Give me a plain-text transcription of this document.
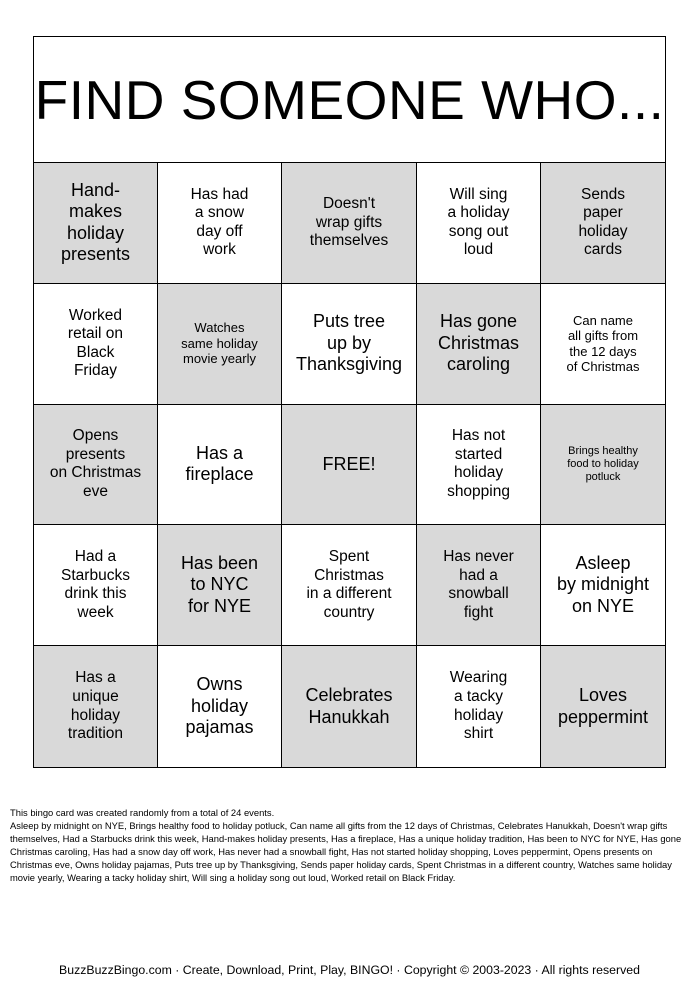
FIND SOMEONE WHO...
Hand-makes
holiday
presents
Has had
a snow
day off
work
Doesn't
wrap gifts
themselves
Will sing
a holiday
song out
loud
Sends
paper
holiday
cards
Worked
retail on
Black
Friday
Watches
same holiday
movie yearly
Puts tree
up by
Thanksgiving
Has gone
Christmas
caroling
Can name
all gifts from
the 12 days
of Christmas
Opens
presents
on Christmas
eve
Has a
fireplace
FREE!
Has not
started
holiday
shopping
Brings healthy
food to holiday
potluck
Had a
Starbucks
drink this
week
Has been
to NYC
for NYE
Spent
Christmas
in a different
country
Has never
had a
snowball
fight
Asleep
by midnight
on NYE
Has a
unique
holiday
tradition
Owns
holiday
pajamas
Celebrates
Hanukkah
Wearing
a tacky
holiday
shirt
Loves
peppermint

This bingo card was created randomly from a total of 24 events.

Asleep by midnight on NYE, Brings healthy food to holiday potluck, Can name all gifts from the 12 days of Christmas, Celebrates Hanukkah, Doesn't wrap gifts themselves, Had a Starbucks drink this week, Hand-makes holiday presents, Has a fireplace, Has a unique holiday tradition, Has been to NYC for NYE, Has gone Christmas caroling, Has had a snow day off work, Has never had a snowball fight, Has not started holiday shopping, Loves peppermint, Opens presents on Christmas eve, Owns holiday pajamas, Puts tree up by Thanksgiving, Sends paper holiday cards, Spent Christmas in a different country, Watches same holiday movie yearly, Wearing a tacky holiday shirt, Will sing a holiday song out loud, Worked retail on Black Friday.

BuzzBuzzBingo.com · Create, Download, Print, Play, BINGO! · Copyright © 2003-2023 · All rights reserved
